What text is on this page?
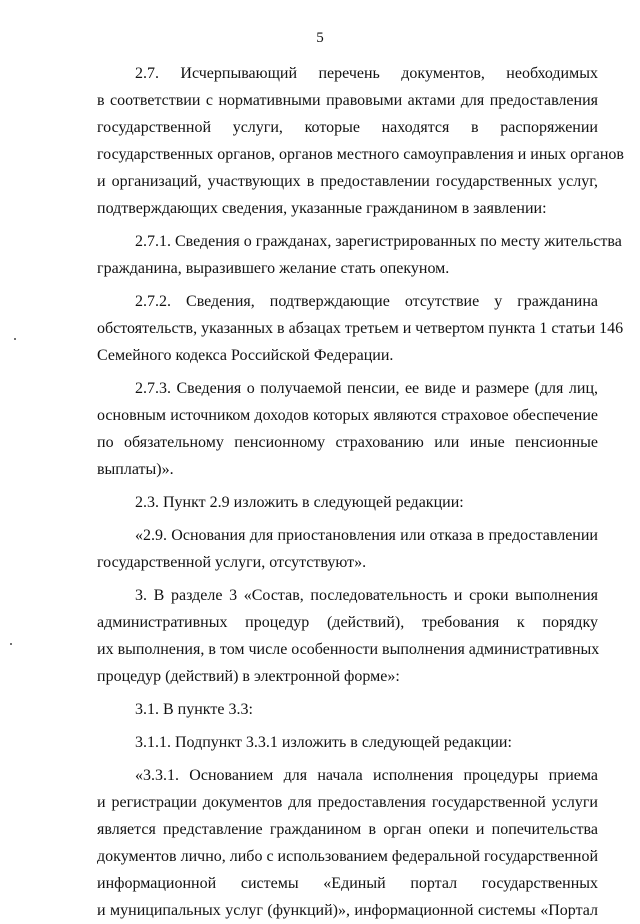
5
2.7. Исчерпывающий перечень документов, необходимых
в соответствии с нормативными правовыми актами для предоставления
государственной услуги, которые находятся в распоряжении
государственных органов, органов местного самоуправления и иных органов
и организаций, участвующих в предоставлении государственных услуг,
подтверждающих сведения, указанные гражданином в заявлении:
2.7.1. Сведения о гражданах, зарегистрированных по месту жительства
гражданина, выразившего желание стать опекуном.
2.7.2. Сведения, подтверждающие отсутствие у гражданина
обстоятельств, указанных в абзацах третьем и четвертом пункта 1 статьи 146
Семейного кодекса Российской Федерации.
2.7.3. Сведения о получаемой пенсии, ее виде и размере (для лиц,
основным источником доходов которых являются страховое обеспечение
по обязательному пенсионному страхованию или иные пенсионные
выплаты)».
2.3. Пункт 2.9 изложить в следующей редакции:
«2.9. Основания для приостановления или отказа в предоставлении
государственной услуги, отсутствуют».
3. В разделе 3 «Состав, последовательность и сроки выполнения
административных процедур (действий), требования к порядку
их выполнения, в том числе особенности выполнения административных
процедур (действий) в электронной форме»:
3.1. В пункте 3.3:
3.1.1. Подпункт 3.3.1 изложить в следующей редакции:
«3.3.1. Основанием для начала исполнения процедуры приема
и регистрации документов для предоставления государственной услуги
является представление гражданином в орган опеки и попечительства
документов лично, либо с использованием федеральной государственной
информационной системы «Единый портал государственных
и муниципальных услуг (функций)», информационной системы «Портал
